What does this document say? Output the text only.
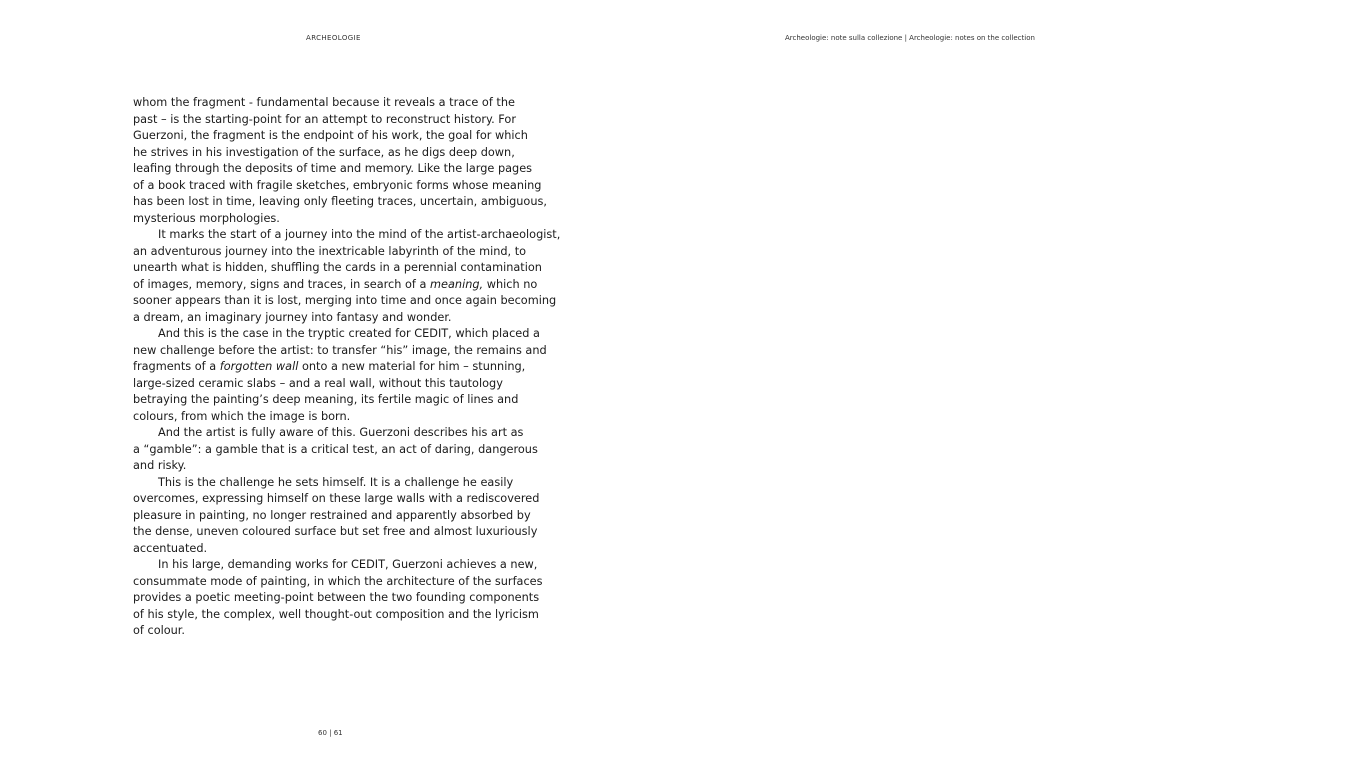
ARCHEOLOGIE	Archeologie: note sulla collezione | Archeologie: notes on the collection
whom the fragment - fundamental because it reveals a trace of the
past – is the starting-point for an attempt to reconstruct history. For
Guerzoni, the fragment is the endpoint of his work, the goal for which
he strives in his investigation of the surface, as he digs deep down,
leafing through the deposits of time and memory. Like the large pages
of a book traced with fragile sketches, embryonic forms whose meaning
has been lost in time, leaving only fleeting traces, uncertain, ambiguous,
mysterious morphologies.
It marks the start of a journey into the mind of the artist-archaeologist,
an adventurous journey into the inextricable labyrinth of the mind, to
unearth what is hidden, shuffling the cards in a perennial contamination
of images, memory, signs and traces, in search of a meaning, which no
sooner appears than it is lost, merging into time and once again becoming
a dream, an imaginary journey into fantasy and wonder.
And this is the case in the tryptic created for CEDIT, which placed a
new challenge before the artist: to transfer “his” image, the remains and
fragments of a forgotten wall onto a new material for him – stunning,
large-sized ceramic slabs – and a real wall, without this tautology
betraying the painting’s deep meaning, its fertile magic of lines and
colours, from which the image is born.
And the artist is fully aware of this. Guerzoni describes his art as
a “gamble”: a gamble that is a critical test, an act of daring, dangerous
and risky.
This is the challenge he sets himself. It is a challenge he easily
overcomes, expressing himself on these large walls with a rediscovered
pleasure in painting, no longer restrained and apparently absorbed by
the dense, uneven coloured surface but set free and almost luxuriously
accentuated.
In his large, demanding works for CEDIT, Guerzoni achieves a new,
consummate mode of painting, in which the architecture of the surfaces
provides a poetic meeting-point between the two founding components
of his style, the complex, well thought-out composition and the lyricism
of colour.
60 | 61
